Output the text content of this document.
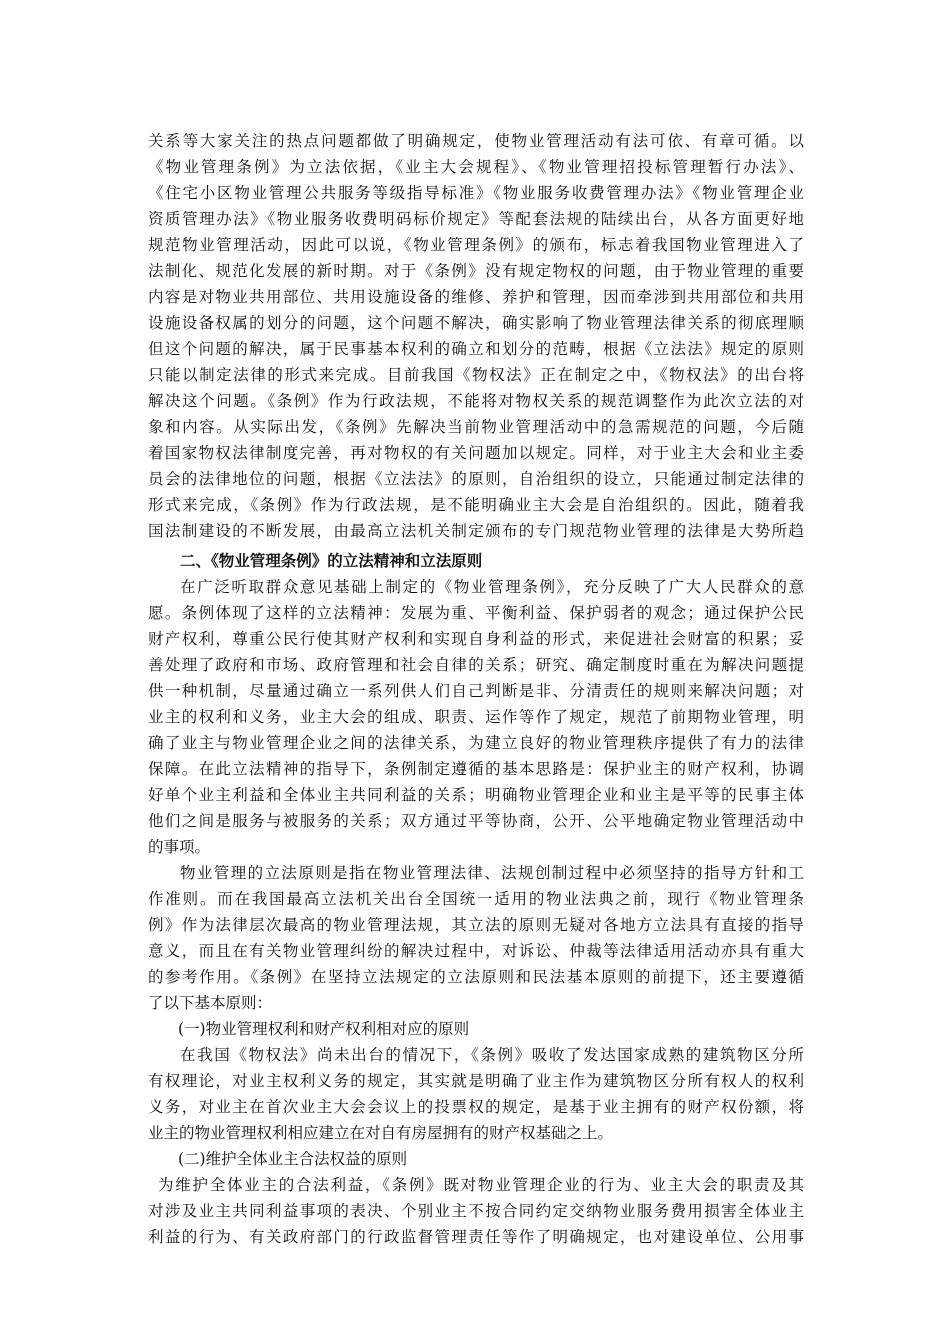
关系等大家关注的热点问题都做了明确规定，使物业管理活动有法可依、有章可循。以
《物业管理条例》为立法依据，《业主大会规程》、《物业管理招投标管理暂行办法》、
《住宅小区物业管理公共服务等级指导标准》《物业服务收费管理办法》《物业管理企业
资质管理办法》《物业服务收费明码标价规定》等配套法规的陆续出台，从各方面更好地
规范物业管理活动，因此可以说，《物业管理条例》的颁布，标志着我国物业管理进入了
法制化、规范化发展的新时期。对于《条例》没有规定物权的问题，由于物业管理的重要
内容是对物业共用部位、共用设施设备的维修、养护和管理，因而牵涉到共用部位和共用
设施设备权属的划分的问题，这个问题不解决，确实影响了物业管理法律关系的彻底理顺
但这个问题的解决，属于民事基本权利的确立和划分的范畴，根据《立法法》规定的原则
只能以制定法律的形式来完成。目前我国《物权法》正在制定之中，《物权法》的出台将
解决这个问题。《条例》作为行政法规，不能将对物权关系的规范调整作为此次立法的对
象和内容。从实际出发，《条例》先解决当前物业管理活动中的急需规范的问题，今后随
着国家物权法律制度完善，再对物权的有关问题加以规定。同样，对于业主大会和业主委
员会的法律地位的问题，根据《立法法》的原则，自治组织的设立，只能通过制定法律的
形式来完成，《条例》作为行政法规，是不能明确业主大会是自治组织的。因此，随着我
国法制建设的不断发展，由最高立法机关制定颁布的专门规范物业管理的法律是大势所趋
二、《物业管理条例》的立法精神和立法原则
在广泛听取群众意见基础上制定的《物业管理条例》，充分反映了广大人民群众的意
愿。条例体现了这样的立法精神：发展为重、平衡利益、保护弱者的观念；通过保护公民
财产权利，尊重公民行使其财产权利和实现自身利益的形式，来促进社会财富的积累；妥
善处理了政府和市场、政府管理和社会自律的关系；研究、确定制度时重在为解决问题提
供一种机制，尽量通过确立一系列供人们自己判断是非、分清责任的规则来解决问题；对
业主的权利和义务，业主大会的组成、职责、运作等作了规定，规范了前期物业管理，明
确了业主与物业管理企业之间的法律关系，为建立良好的物业管理秩序提供了有力的法律
保障。在此立法精神的指导下，条例制定遵循的基本思路是：保护业主的财产权利，协调
好单个业主利益和全体业主共同利益的关系；明确物业管理企业和业主是平等的民事主体
他们之间是服务与被服务的关系；双方通过平等协商，公开、公平地确定物业管理活动中
的事项。
物业管理的立法原则是指在物业管理法律、法规创制过程中必须坚持的指导方针和工
作准则。而在我国最高立法机关出台全国统一适用的物业法典之前，现行《物业管理条
例》作为法律层次最高的物业管理法规，其立法的原则无疑对各地方立法具有直接的指导
意义，而且在有关物业管理纠纷的解决过程中，对诉讼、仲裁等法律适用活动亦具有重大
的参考作用。《条例》在坚持立法规定的立法原则和民法基本原则的前提下，还主要遵循
了以下基本原则：
(一)物业管理权利和财产权利相对应的原则
在我国《物权法》尚未出台的情况下，《条例》吸收了发达国家成熟的建筑物区分所
有权理论，对业主权利义务的规定，其实就是明确了业主作为建筑物区分所有权人的权利
义务，对业主在首次业主大会会议上的投票权的规定，是基于业主拥有的财产权份额，将
业主的物业管理权利相应建立在对自有房屋拥有的财产权基础之上。
(二)维护全体业主合法权益的原则
为维护全体业主的合法利益，《条例》既对物业管理企业的行为、业主大会的职责及其
对涉及业主共同利益事项的表决、个别业主不按合同约定交纳物业服务费用损害全体业主
利益的行为、有关政府部门的行政监督管理责任等作了明确规定，也对建设单位、公用事
